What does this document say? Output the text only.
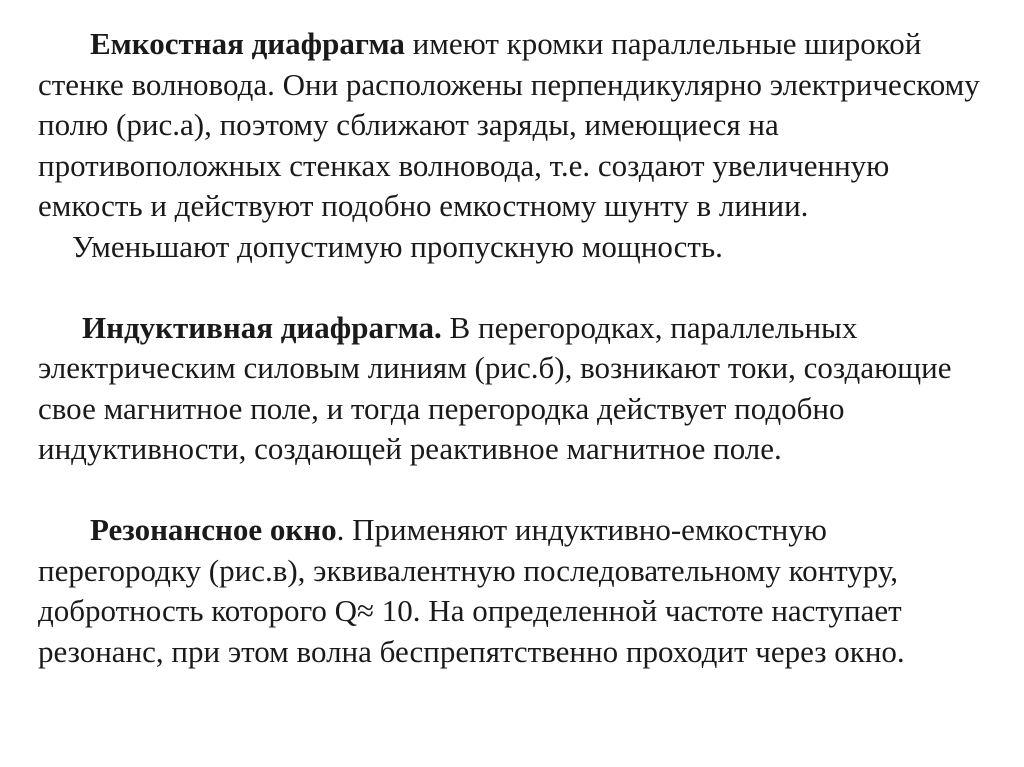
Емкостная диафрагма имеют кромки параллельные широкой стенке волновода. Они расположены перпендикулярно электрическому полю (рис.а), поэтому сближают заряды, имеющиеся на противоположных стенках волновода, т.е. создают увеличенную емкость и действуют подобно емкостному шунту в линии.

Уменьшают допустимую пропускную мощность.

Индуктивная диафрагма. В перегородках, параллельных электрическим силовым линиям (рис.б), возникают токи, создающие свое магнитное поле, и тогда перегородка действует подобно индуктивности, создающей реактивное магнитное поле.

Резонансное окно. Применяют индуктивно-емкостную перегородку (рис.в), эквивалентную последовательному контуру, добротность которого Q≈ 10. На определенной частоте наступает резонанс, при этом волна беспрепятственно проходит через окно.
